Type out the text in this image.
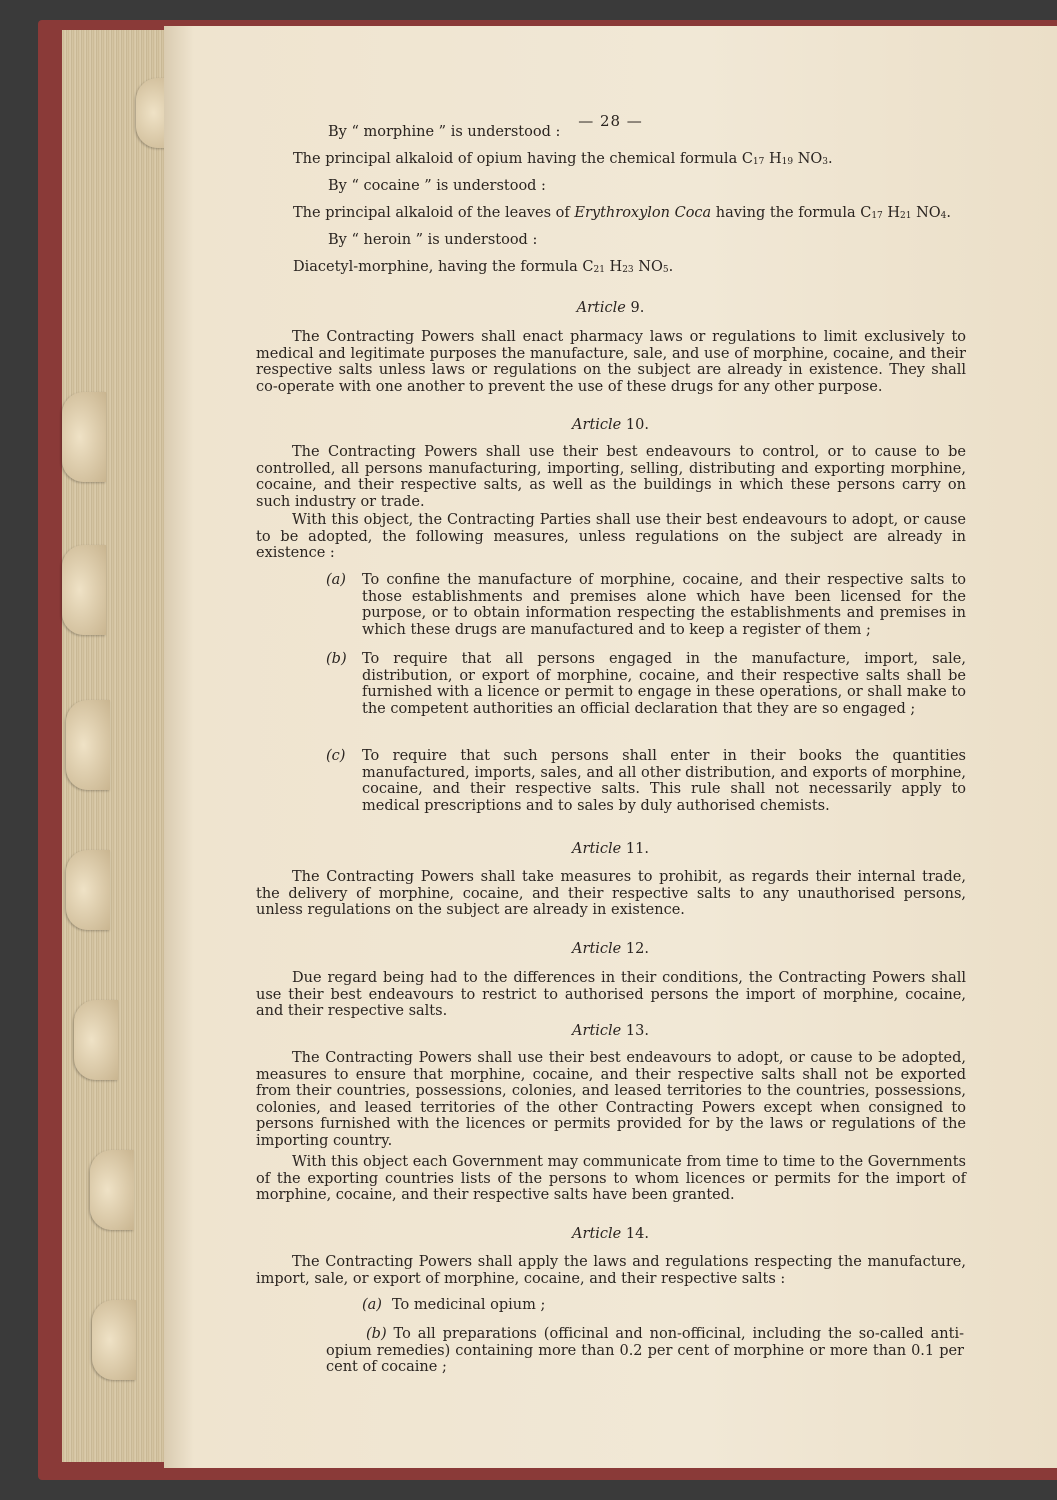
— 28 —
By “ morphine ” is understood :
The principal alkaloid of opium having the chemical formula $C_{17}$ $H_{19}$ $NO_3$.
By “ cocaine ” is understood :
The principal alkaloid of the leaves of Erythroxylon Coca having the formula $C_{17}$ $H_{21}$ $NO_4$.
By “ heroin ” is understood :
Diacetyl-morphine, having the formula $C_{21}$ $H_{23}$ $NO_5$.
Article 9.
The Contracting Powers shall enact pharmacy laws or regulations to limit exclusively to medical and legitimate purposes the manufacture, sale, and use of morphine, cocaine, and their respective salts unless laws or regulations on the subject are already in existence. They shall co-operate with one another to prevent the use of these drugs for any other purpose.
Article 10.
The Contracting Powers shall use their best endeavours to control, or to cause to be controlled, all persons manufacturing, importing, selling, distributing and exporting morphine, cocaine, and their respective salts, as well as the buildings in which these persons carry on such industry or trade.
With this object, the Contracting Parties shall use their best endeavours to adopt, or cause to be adopted, the following measures, unless regulations on the subject are already in existence :
(a) To confine the manufacture of morphine, cocaine, and their respective salts to those establishments and premises alone which have been licensed for the purpose, or to obtain information respecting the establishments and premises in which these drugs are manufactured and to keep a register of them ;
(b) To require that all persons engaged in the manufacture, import, sale, distribution, or export of morphine, cocaine, and their respective salts shall be furnished with a licence or permit to engage in these operations, or shall make to the competent authorities an official declaration that they are so engaged ;
(c) To require that such persons shall enter in their books the quantities manufactured, imports, sales, and all other distribution, and exports of morphine, cocaine, and their respective salts. This rule shall not necessarily apply to medical prescriptions and to sales by duly authorised chemists.
Article 11.
The Contracting Powers shall take measures to prohibit, as regards their internal trade, the delivery of morphine, cocaine, and their respective salts to any unauthorised persons, unless regulations on the subject are already in existence.
Article 12.
Due regard being had to the differences in their conditions, the Contracting Powers shall use their best endeavours to restrict to authorised persons the import of morphine, cocaine, and their respective salts.
Article 13.
The Contracting Powers shall use their best endeavours to adopt, or cause to be adopted, measures to ensure that morphine, cocaine, and their respective salts shall not be exported from their countries, possessions, colonies, and leased territories to the countries, possessions, colonies, and leased territories of the other Contracting Powers except when consigned to persons furnished with the licences or permits provided for by the laws or regulations of the importing country.
With this object each Government may communicate from time to time to the Governments of the exporting countries lists of the persons to whom licences or permits for the import of morphine, cocaine, and their respective salts have been granted.
Article 14.
The Contracting Powers shall apply the laws and regulations respecting the manufacture, import, sale, or export of morphine, cocaine, and their respective salts :
(a) To medicinal opium ;
(b) To all preparations (officinal and non-officinal, including the so-called anti-opium remedies) containing more than 0.2 per cent of morphine or more than 0.1 per cent of cocaine ;
